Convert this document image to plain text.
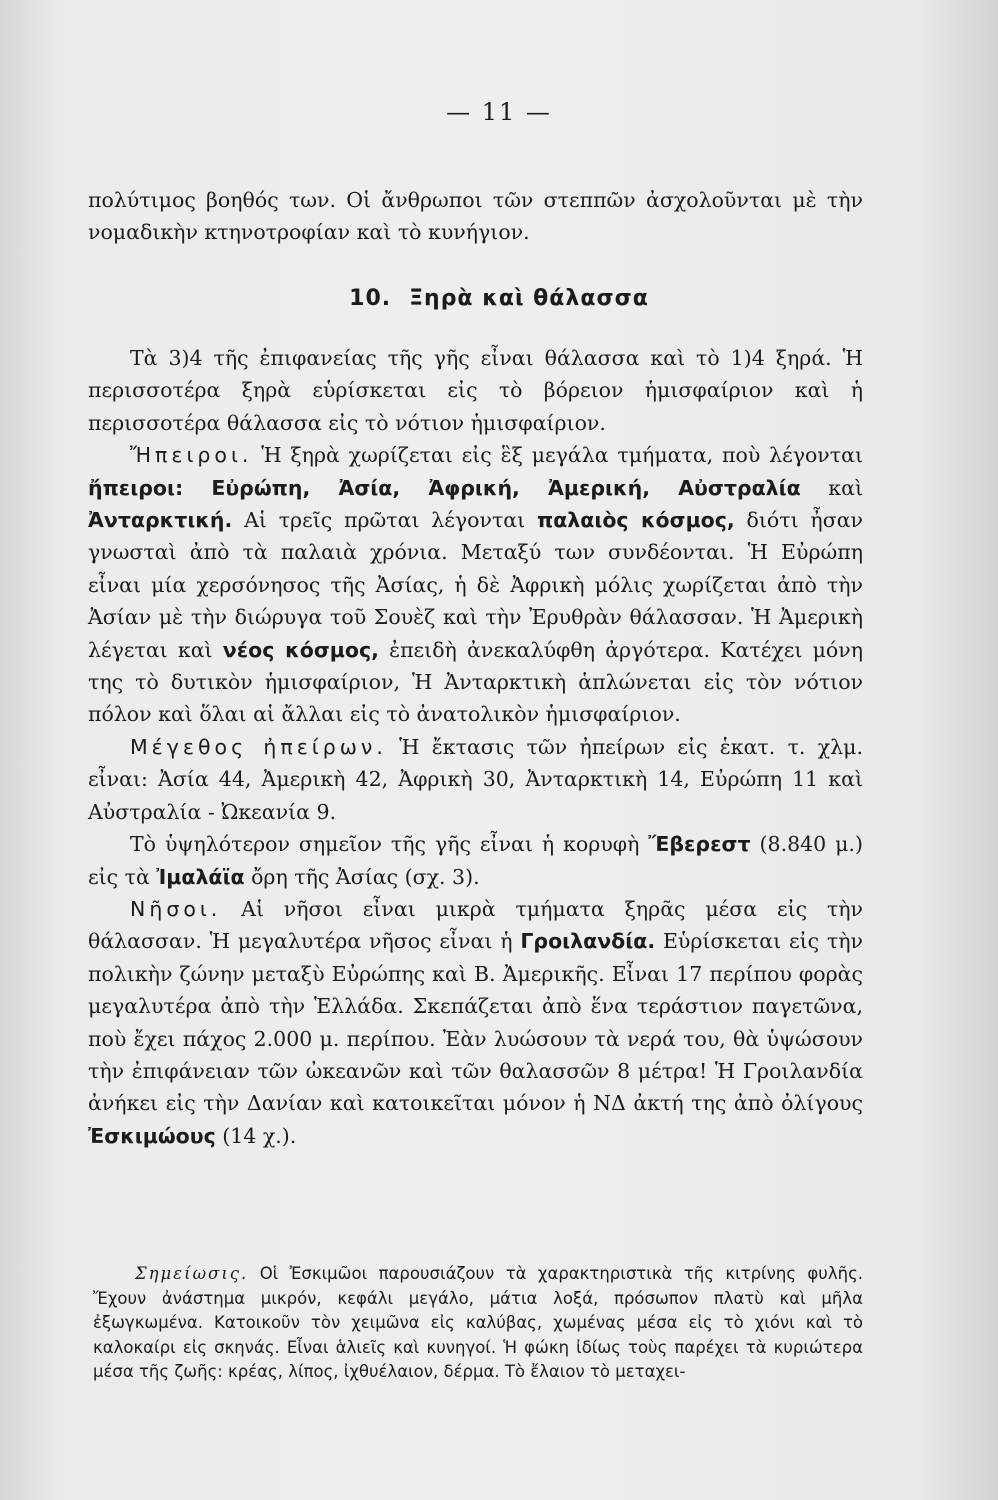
— 11 —

πολύτιμος βοηθός των. Οἱ ἄνθρωποι τῶν στεππῶν ἀσχολοῦνται μὲ τὴν νομαδικὴν κτηνοτροφίαν καὶ τὸ κυνήγιον.

10. Ξηρὰ καὶ θάλασσα

Τὰ 3)4 τῆς ἐπιφανείας τῆς γῆς εἶναι θάλασσα καὶ τὸ 1)4 ξηρά. Ἡ περισσοτέρα ξηρὰ εὑρίσκεται εἰς τὸ βόρειον ἡμισφαίριον καὶ ἡ περισσοτέρα θάλασσα εἰς τὸ νότιον ἡμισφαίριον.

Ἤπειροι. Ἡ ξηρὰ χωρίζεται εἰς ἓξ μεγάλα τμήματα, ποὺ λέγονται ἤπειροι: Εὐρώπη, Ἀσία, Ἀφρική, Ἀμερική, Αὐστραλία καὶ Ἀνταρκτική. Αἱ τρεῖς πρῶται λέγονται παλαιὸς κόσμος, διότι ἦσαν γνωσταὶ ἀπὸ τὰ παλαιὰ χρόνια. Μεταξύ των συνδέονται. Ἡ Εὐρώπη εἶναι μία χερσόνησος τῆς Ἀσίας, ἡ δὲ Ἀφρικὴ μόλις χωρίζεται ἀπὸ τὴν Ἀσίαν μὲ τὴν διώρυγα τοῦ Σουὲζ καὶ τὴν Ἐρυθρὰν θάλασσαν. Ἡ Ἀμερικὴ λέγεται καὶ νέος κόσμος, ἐπειδὴ ἀνεκαλύφθη ἀργότερα. Κατέχει μόνη της τὸ δυτικὸν ἡμισφαίριον, Ἡ Ἀνταρκτικὴ ἁπλώνεται εἰς τὸν νότιον πόλον καὶ ὅλαι αἱ ἄλλαι εἰς τὸ ἀνατολικὸν ἡμισφαίριον.

Μέγεθος ἠπείρων. Ἡ ἔκτασις τῶν ἠπείρων εἰς ἑκατ. τ. χλμ. εἶναι: Ἀσία 44, Ἀμερικὴ 42, Ἀφρικὴ 30, Ἀνταρκτικὴ 14, Εὐρώπη 11 καὶ Αὐστραλία - Ὠκεανία 9.

Τὸ ὑψηλότερον σημεῖον τῆς γῆς εἶναι ἡ κορυφὴ Ἔβερεστ (8.840 μ.) εἰς τὰ Ἰμαλάϊα ὄρη τῆς Ἀσίας (σχ. 3).

Νῆσοι. Αἱ νῆσοι εἶναι μικρὰ τμήματα ξηρᾶς μέσα εἰς τὴν θάλασσαν. Ἡ μεγαλυτέρα νῆσος εἶναι ἡ Γροιλανδία. Εὑρίσκεται εἰς τὴν πολικὴν ζώνην μεταξὺ Εὐρώπης καὶ Β. Ἀμερικῆς. Εἶναι 17 περίπου φορὰς μεγαλυτέρα ἀπὸ τὴν Ἑλλάδα. Σκεπάζεται ἀπὸ ἕνα τεράστιον παγετῶνα, ποὺ ἔχει πάχος 2.000 μ. περίπου. Ἐὰν λυώσουν τὰ νερά του, θὰ ὑψώσουν τὴν ἐπιφάνειαν τῶν ὠκεανῶν καὶ τῶν θαλασσῶν 8 μέτρα! Ἡ Γροιλανδία ἀνήκει εἰς τὴν Δανίαν καὶ κατοικεῖται μόνον ἡ ΝΔ ἀκτή της ἀπὸ ὀλίγους Ἐσκιμώους (14 χ.).

Σημείωσις. Οἱ Ἐσκιμῶοι παρουσιάζουν τὰ χαρακτηριστικὰ τῆς κιτρίνης φυλῆς. Ἔχουν ἀνάστημα μικρόν, κεφάλι μεγάλο, μάτια λοξά, πρόσωπον πλατὺ καὶ μῆλα ἐξωγκωμένα. Κατοικοῦν τὸν χειμῶνα εἰς καλύβας, χωμένας μέσα εἰς τὸ χιόνι καὶ τὸ καλοκαίρι εἰς σκηνάς. Εἶναι ἁλιεῖς καὶ κυνηγοί. Ἡ φώκη ἰδίως τοὺς παρέχει τὰ κυριώτερα μέσα τῆς ζωῆς: κρέας, λίπος, ἰχθυέλαιον, δέρμα. Τὸ ἔλαιον τὸ μεταχει-
